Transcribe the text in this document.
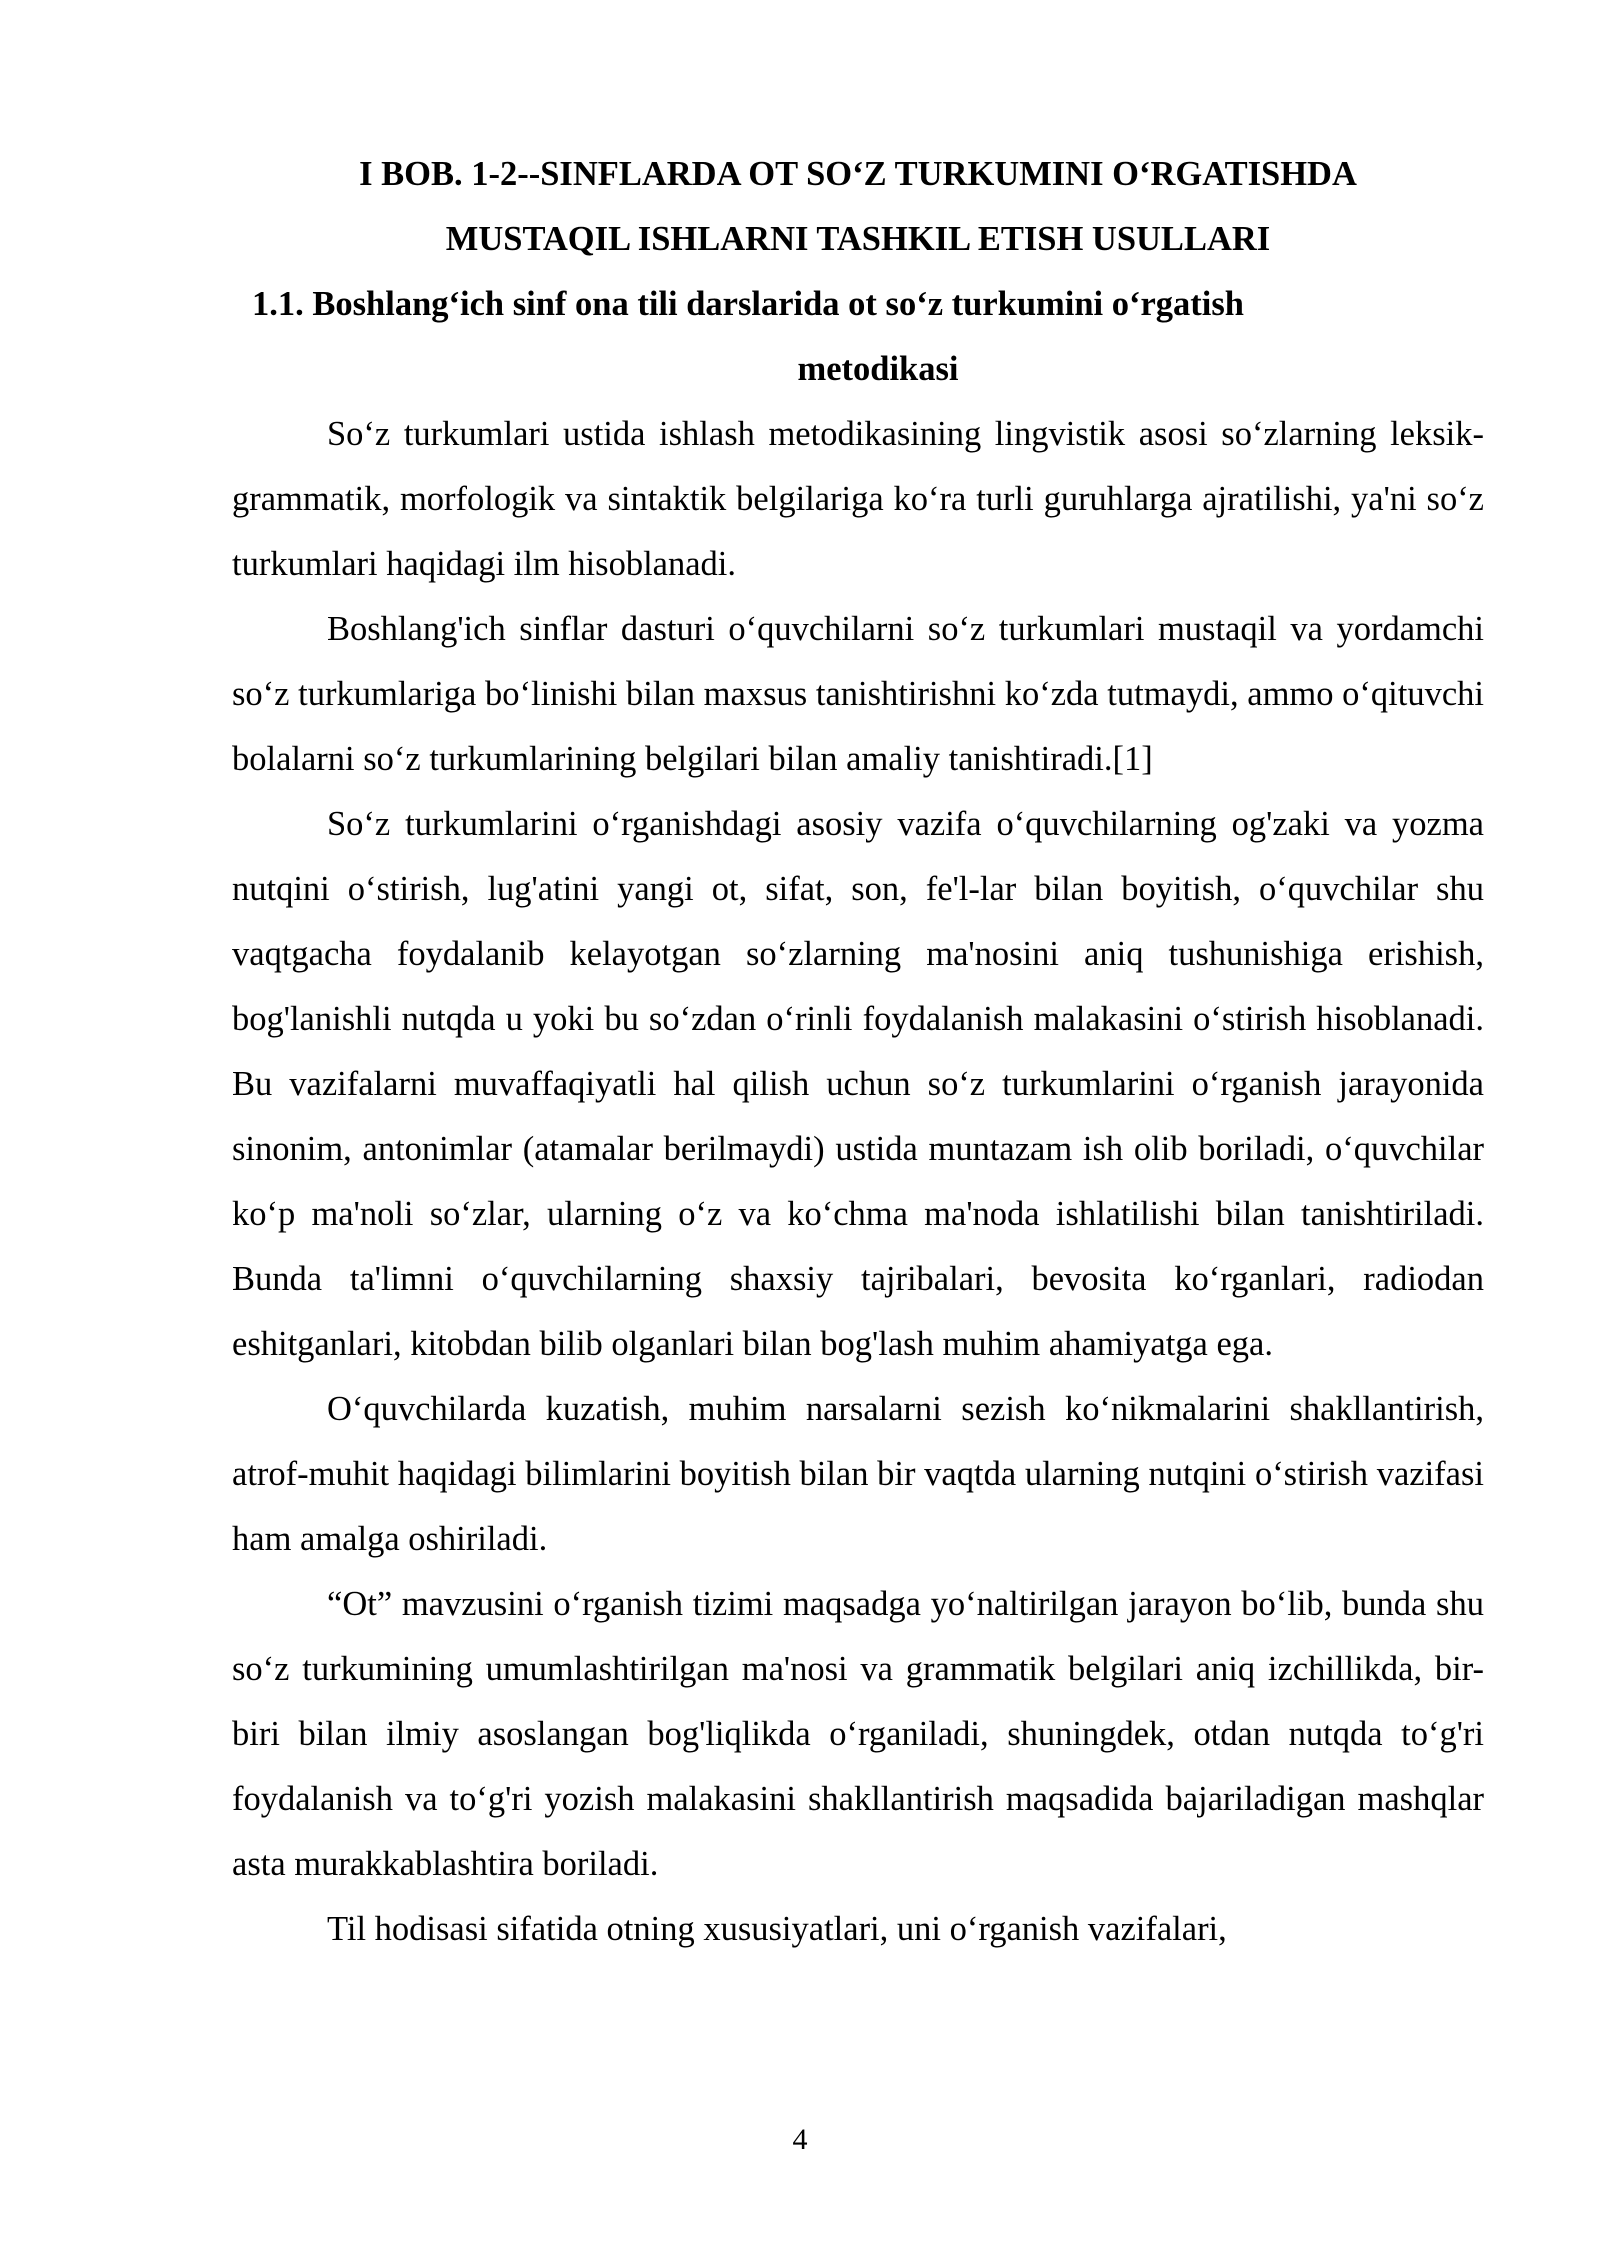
I BOB. 1-2--SINFLARDA OT SO‘Z TURKUMINI O‘RGATISHDA
MUSTAQIL ISHLARNI TASHKIL ETISH USULLARI
1.1. Boshlang‘ich sinf ona tili darslarida ot so‘z turkumini o‘rgatish
metodikasi

So‘z turkumlari ustida ishlash metodikasining lingvistik asosi so‘zlarning leksik-grammatik, morfologik va sintaktik belgilariga ko‘ra turli guruhlarga ajratilishi, ya'ni so‘z turkumlari haqidagi ilm hisoblanadi.

Boshlang'ich sinflar dasturi o‘quvchilarni so‘z turkumlari mustaqil va yordamchi so‘z turkumlariga bo‘linishi bilan maxsus tanishtirishni ko‘zda tutmaydi, ammo o‘qituvchi bolalarni so‘z turkumlarining belgilari bilan amaliy tanishtiradi.[1]

So‘z turkumlarini o‘rganishdagi asosiy vazifa o‘quvchilarning og'zaki va yozma nutqini o‘stirish, lug'atini yangi ot, sifat, son, fe'l-lar bilan boyitish, o‘quvchilar shu vaqtgacha foydalanib kelayotgan so‘zlarning ma'nosini aniq tushunishiga erishish, bog'lanishli nutqda u yoki bu so‘zdan o‘rinli foydalanish malakasini o‘stirish hisoblanadi. Bu vazifalarni muvaffaqiyatli hal qilish uchun so‘z turkumlarini o‘rganish jarayonida sinonim, antonimlar (atamalar berilmaydi) ustida muntazam ish olib boriladi, o‘quvchilar ko‘p ma'noli so‘zlar, ularning o‘z va ko‘chma ma'noda ishlatilishi bilan tanishtiriladi. Bunda ta'limni o‘quvchilarning shaxsiy tajribalari, bevosita ko‘rganlari, radiodan eshitganlari, kitobdan bilib olganlari bilan bog'lash muhim ahamiyatga ega.

O‘quvchilarda kuzatish, muhim narsalarni sezish ko‘nikmalarini shakllantirish, atrof-muhit haqidagi bilimlarini boyitish bilan bir vaqtda ularning nutqini o‘stirish vazifasi ham amalga oshiriladi.

“Ot” mavzusini o‘rganish tizimi maqsadga yo‘naltirilgan jarayon bo‘lib, bunda shu so‘z turkumining umumlashtirilgan ma'nosi va grammatik belgilari aniq izchillikda, bir-biri bilan ilmiy asoslangan bog'liqlikda o‘rganiladi, shuningdek, otdan nutqda to‘g'ri foydalanish va to‘g'ri yozish malakasini shakllantirish maqsadida bajariladigan mashqlar asta murakkablashtira boriladi.

Til hodisasi sifatida otning xususiyatlari, uni o‘rganish vazifalari,

4
